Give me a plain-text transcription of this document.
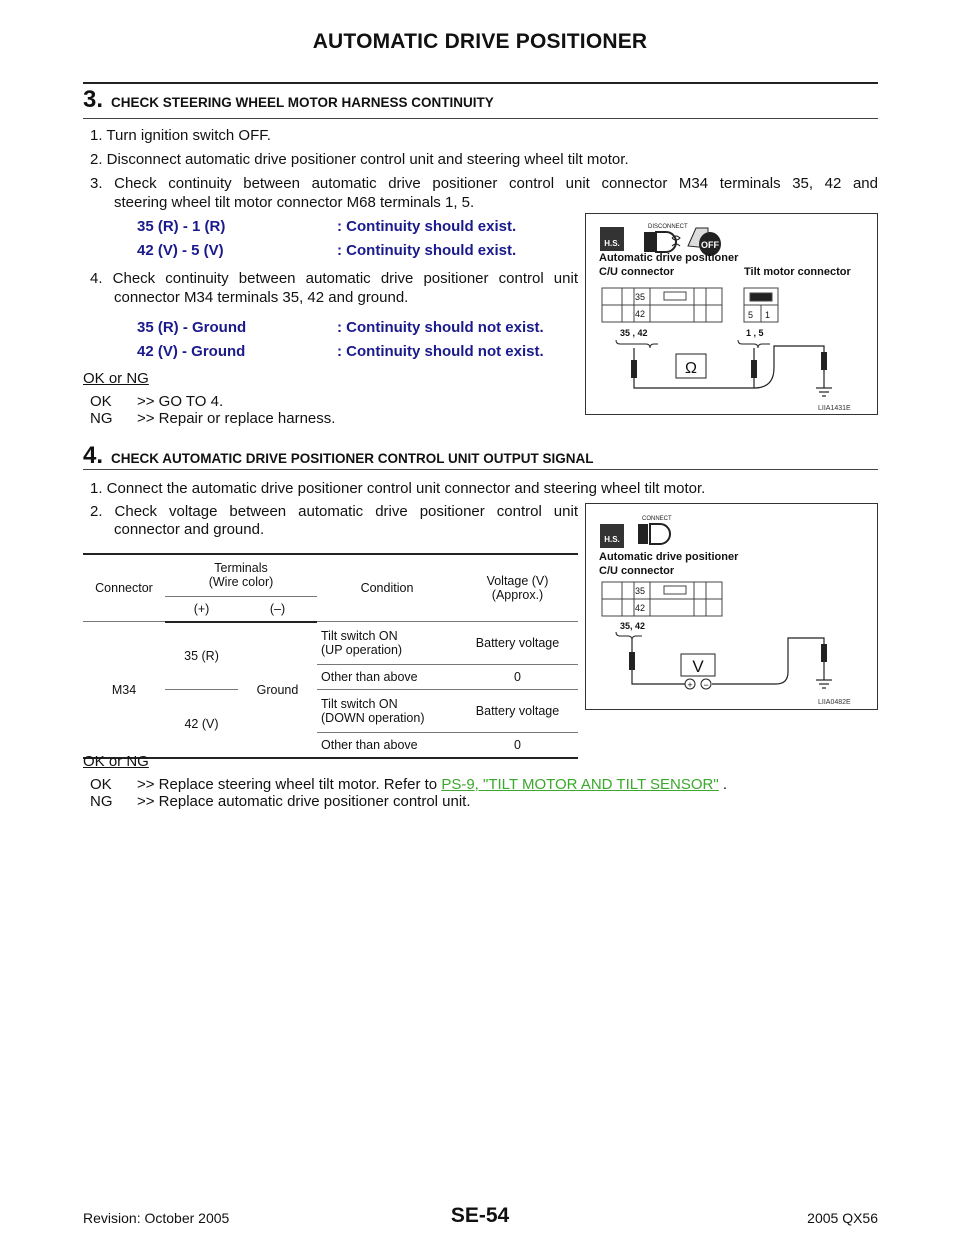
AUTOMATIC DRIVE POSITIONER
3. CHECK STEERING WHEEL MOTOR HARNESS CONTINUITY
1. Turn ignition switch OFF.
2. Disconnect automatic drive positioner control unit and steering wheel tilt motor.
3. Check continuity between automatic drive positioner control unit connector M34 terminals 35, 42 and
steering wheel tilt motor connector M68 terminals 1, 5.
35 (R) - 1 (R)	: Continuity should exist.
42 (V) - 5 (V)	: Continuity should exist.
4. Check continuity between automatic drive positioner control unit
connector M34 terminals 35, 42 and ground.
35 (R) - Ground	: Continuity should not exist.
42 (V) - Ground	: Continuity should not exist.
OK or NG
OK >> GO TO 4.
NG >> Repair or replace harness.
H.S.
DISCONNECT
OFF
Automatic drive positioner
C/U connector	Tilt motor connector
35
42	5 1
35 , 42	1 , 5
Ω
LIIA1431E
4. CHECK AUTOMATIC DRIVE POSITIONER CONTROL UNIT OUTPUT SIGNAL
1. Connect the automatic drive positioner control unit connector and steering wheel tilt motor.
2. Check voltage between automatic drive positioner control unit
connector and ground.
Connector	Terminals
(Wire color)		Condition	Voltage (V)
(Approx.)
	(+)	(–)		
M34	35 (R)	Ground	Tilt switch ON
(UP operation)	Battery voltage
			Other than above	0
	42 (V)		Tilt switch ON
(DOWN operation)	Battery voltage
			Other than above	0
H.S.
CONNECT
Automatic drive positioner
C/U connector
35
42
35, 42
V
+ −
LIIA0482E
OK or NG
OK >> Replace steering wheel tilt motor. Refer to PS-9, "TILT MOTOR AND TILT SENSOR" .
NG >> Replace automatic drive positioner control unit.
Revision: October 2005	SE-54	2005 QX56
